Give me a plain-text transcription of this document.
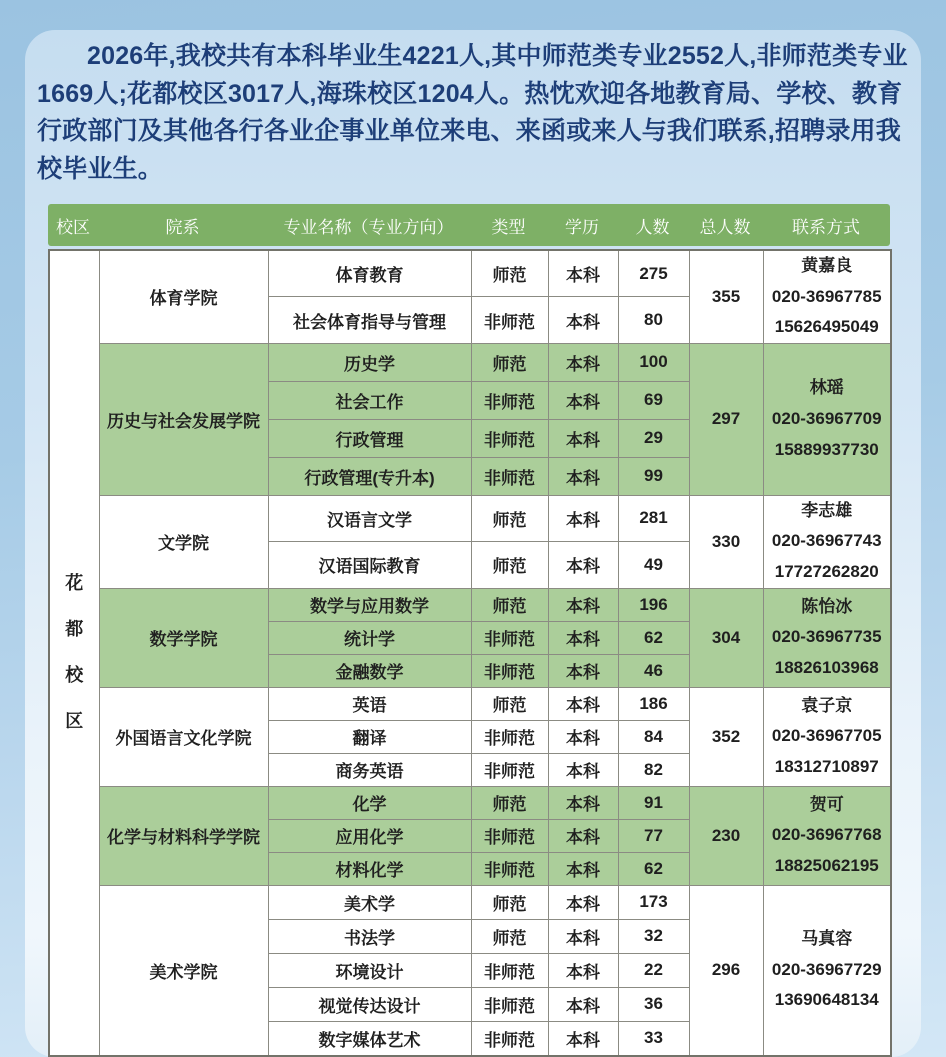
2026年,我校共有本科毕业生4221人,其中师范类专业2552人,非师范类专业1669人;花都校区3017人,海珠校区1204人。热忱欢迎各地教育局、学校、教育行政部门及其他各行各业企事业单位来电、来函或来人与我们联系,招聘录用我校毕业生。

校区	院系	专业名称（专业方向）	类型	学历	人数	总人数	联系方式
花都校区	体育学院	体育教育	师范	本科	275	355	黄嘉良
020-36967785
15626495049

		社会体育指导与管理	非师范	本科	80		
	历史与社会发展学院	历史学	师范	本科	100	297	林瑶
020-36967709
15889937730

		社会工作	非师范	本科	69		
		行政管理	非师范	本科	29		
		行政管理(专升本)	非师范	本科	99		
	文学院	汉语言文学	师范	本科	281	330	李志雄
020-36967743
17727262820

		汉语国际教育	师范	本科	49		
	数学学院	数学与应用数学	师范	本科	196	304	陈怡冰
020-36967735
18826103968

		统计学	非师范	本科	62		
		金融数学	非师范	本科	46		
	外国语言文化学院	英语	师范	本科	186	352	袁子京
020-36967705
18312710897

		翻译	非师范	本科	84		
		商务英语	非师范	本科	82		
	化学与材料科学学院	化学	师范	本科	91	230	贺可
020-36967768
18825062195

		应用化学	非师范	本科	77		
		材料化学	非师范	本科	62		
	美术学院	美术学	师范	本科	173	296	马真容
020-36967729
13690648134

		书法学	师范	本科	32		
		环境设计	非师范	本科	22		
		视觉传达设计	非师范	本科	36		
		数字媒体艺术	非师范	本科	33		
